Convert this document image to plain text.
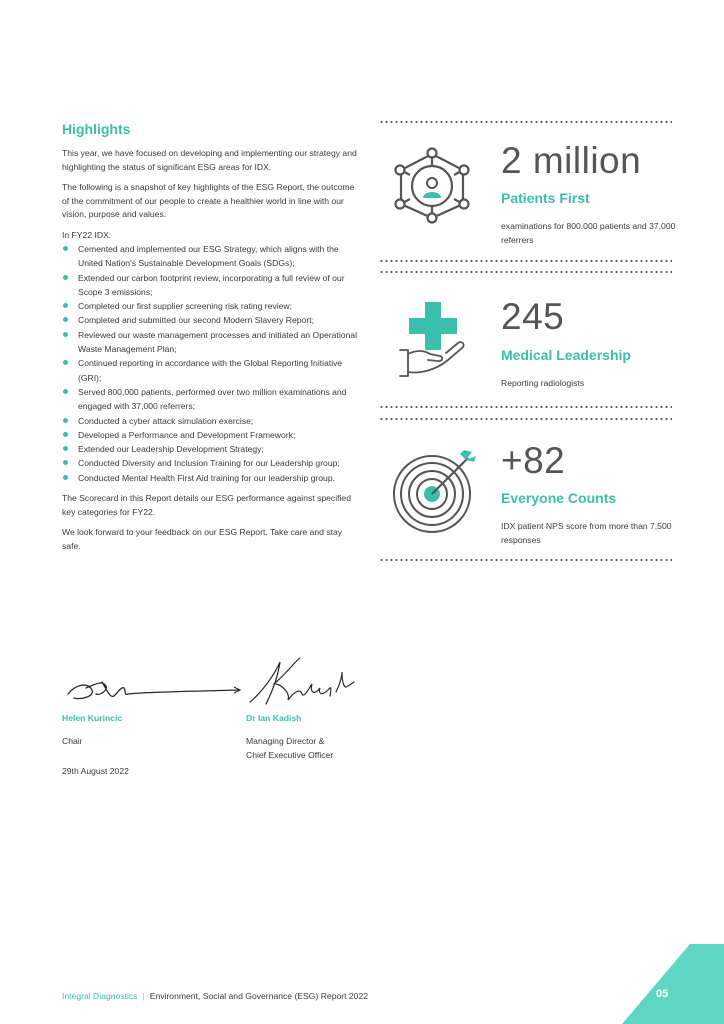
Highlights

This year, we have focused on developing and implementing our strategy and highlighting the status of significant ESG areas for IDX.

The following is a snapshot of key highlights of the ESG Report, the outcome of the commitment of our people to create a healthier world in line with our vision, purpose and values.

In FY22 IDX:

Cemented and implemented our ESG Strategy, which aligns with the United Nation's Sustainable Development Goals (SDGs);
Extended our carbon footprint review, incorporating a full review of our Scope 3 emissions;
Completed our first supplier screening risk rating review;
Completed and submitted our second Modern Slavery Report;
Reviewed our waste management processes and initiated an Operational Waste Management Plan;
Continued reporting in accordance with the Global Reporting Initiative (GRI);
Served 800,000 patients, performed over two million examinations and engaged with 37,000 referrers;
Conducted a cyber attack simulation exercise;
Developed a Performance and Development Framework;
Extended our Leadership Development Strategy;
Conducted Diversity and Inclusion Training for our Leadership group;
Conducted Mental Health First Aid training for our leadership group.

The Scorecard in this Report details our ESG performance against specified key categories for FY22.

We look forward to your feedback on our ESG Report. Take care and stay safe.

Helen Kurincic
Chair
29th August 2022
Dr Ian Kadish
Managing Director &
Chief Executive Officer
2 million
Patients First
examinations for 800,000 patients and 37,000 referrers
245
Medical Leadership
Reporting radiologists
+82
Everyone Counts
IDX patient NPS score from more than 7,500 responses
Integral Diagnostics | Environment, Social and Governance (ESG) Report 2022	05
